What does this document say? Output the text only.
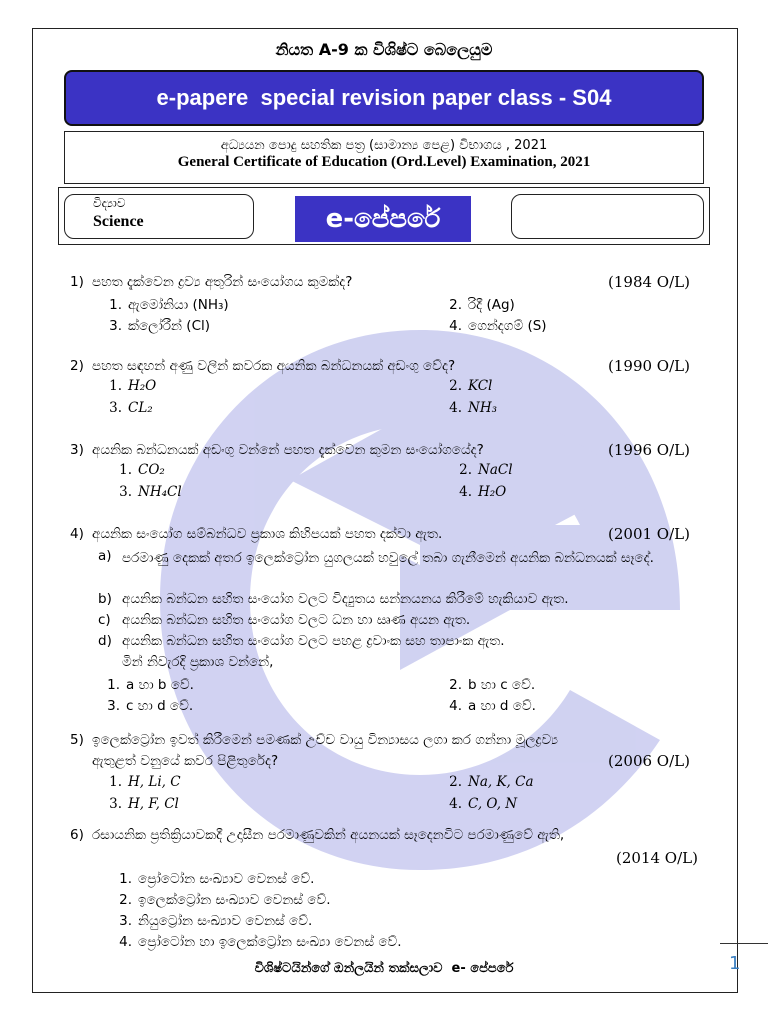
නියත A-9 ක විශිෂ්ට බෙලෙයුම
e-papere  special revision paper class - S04
අධ්‍යයන පොදු සහතික පත්‍ර (සාමාන්‍ය පෙළ) විභාගය , 2021
General Certificate of Education (Ord.Level) Examination, 2021
විද්‍යාව
Science	e-පේපරේ
1) පහත දැක්වෙන ද්‍රව්‍ය අතුරින් සංයෝගය කුමක්ද?	(1984 O/L)
1. ඇමෝනියා (NH₃)	2. රිදී (Ag)
3. ක්ලෝරීන් (Cl)	4. ගෙන්දගම් (S)
2) පහත සඳහන් අණු වලින් කවරක අයනික බන්ධනයක් අඩංගු වේද?	(1990 O/L)
1. H₂O	2. KCl
3. CL₂	4. NH₃
3) අයනික බන්ධනයක් අඩංගු වන්නේ පහත දැක්වෙන කුමන සංයෝගයේද?	(1996 O/L)
1. CO₂	2. NaCl
3. NH₄Cl	4. H₂O
4) අයනික සංයෝග සම්බන්ධව ප්‍රකාශ කිහිපයක් පහත දක්වා ඇත.	(2001 O/L)
a) පරමාණු දෙකක් අතර ඉලෙක්ට්‍රෝන යුගලයක් හවුලේ තබා ගැනීමෙන් අයනික බන්ධනයක් සෑදේ.
b) අයනික බන්ධන සහිත සංයෝග වලට විද්‍යුතය සන්නයනය කිරීමේ හැකියාව ඇත.
c) අයනික බන්ධන සහිත සංයෝග වලට ධන හා ඍණ අයන ඇත.
d) අයනික බන්ධන සහිත සංයෝග වලට පහළ ද්‍රවාංක සහ තාපාංක ඇත.
මින් නිවැරදි ප්‍රකාශ වන්නේ,
1. a හා b වේ.	2. b හා c වේ.
3. c හා d වේ.	4. a හා d වේ.
5) ඉලෙක්ට්‍රෝන ඉවත් කිරීමෙන් පමණක් උච්ච වායු වින්‍යාසය ලගා කර ගන්නා මූලද්‍රව්‍ය
ඇතුළත් වනුයේ කවර පිළිතුරේද?	(2006 O/L)
1. H, Li, C	2. Na, K, Ca
3. H, F, Cl	4. C, O, N
6) රසායනික ප්‍රතික්‍රියාවකදී උදාසීන පරමාණුවකින් අයනයක් සෑදෙනවිට පරමාණුවේ ඇති,
(2014 O/L)
1. ප්‍රෝටෝන සංඛ්‍යාව වෙනස් වේ.
2. ඉලෙක්ට්‍රෝන සංඛ්‍යාව වෙනස් වේ.
3. නියුට්‍රෝන සංඛ්‍යාව වෙනස් වේ.
4. ප්‍රෝටෝන හා ඉලෙක්ට්‍රෝන සංඛ්‍යා වෙනස් වේ.
විශිෂ්ටයින්ගේ ඔන්ලයින් තක්සලාව  e- පේපරේ	1
